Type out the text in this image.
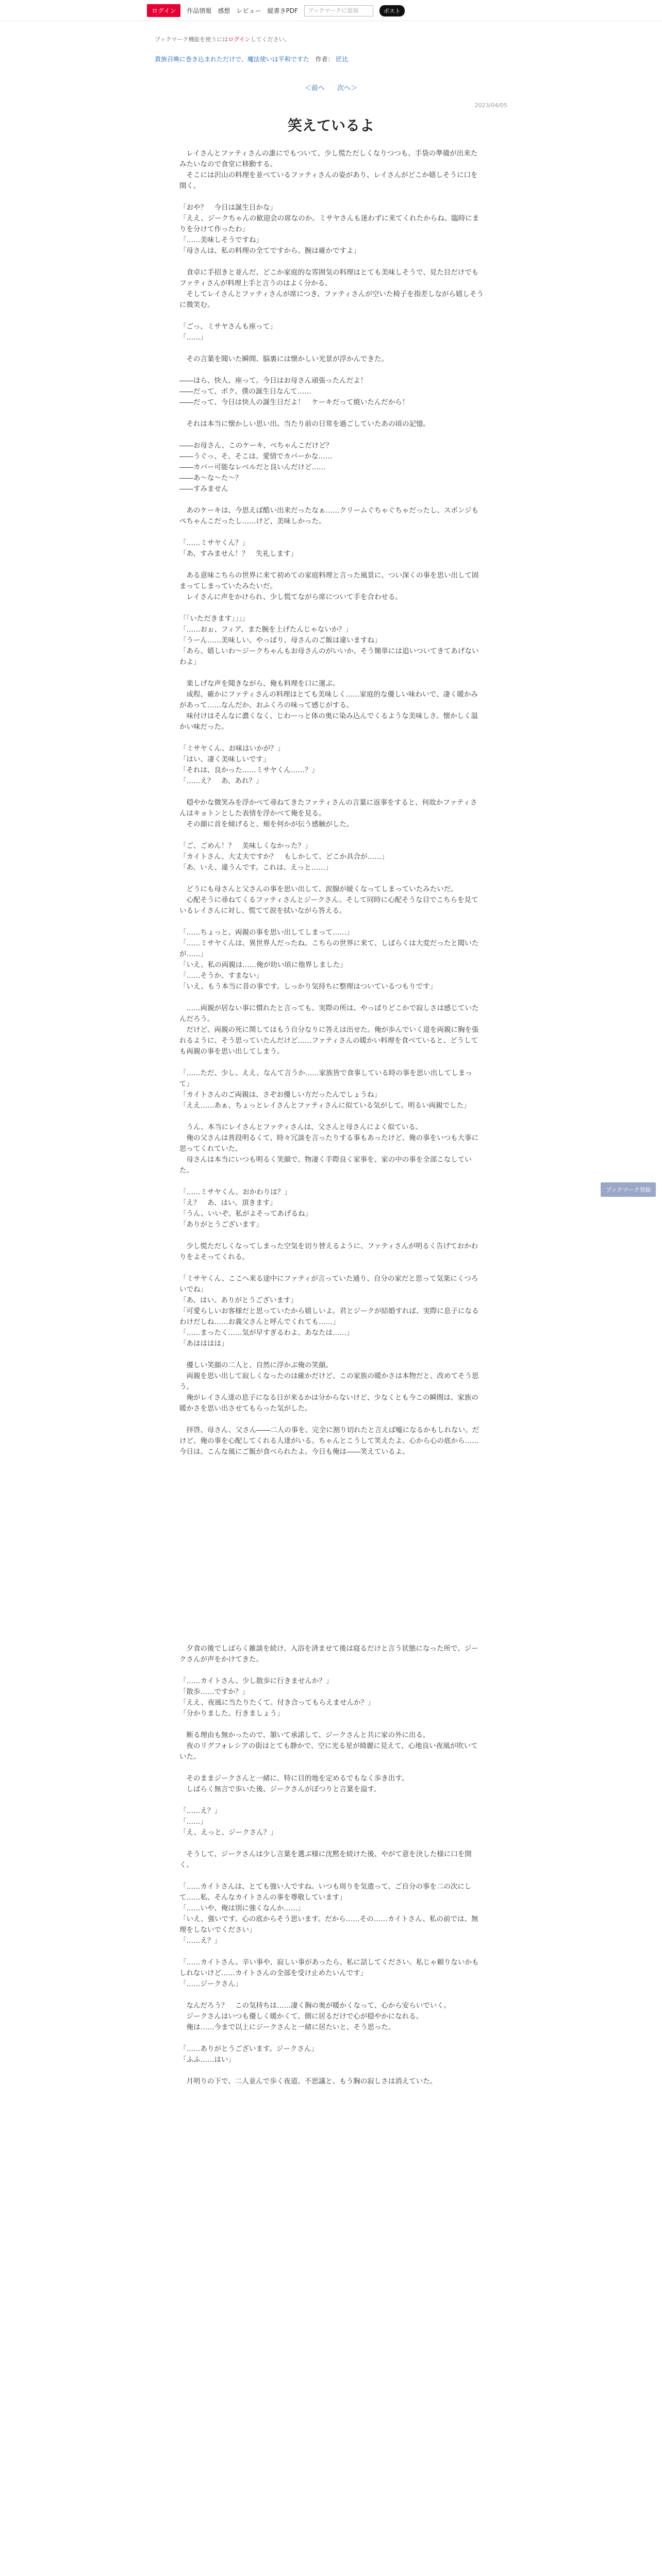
ログイン	作品情報 感想 レビュー 縦書きPDF	ブックマークに追加	ポスト
ブックマーク機能を使うにはログインしてください。
貴族召喚に巻き込まれただけで、魔法使いは平和ですた 作者： 匠比
＜前へ 次へ＞
2023/04/05
笑えているよ

　レイさんとファティさんの誰にでもついて、少し慌ただしくなりつつも、手袋の準備が出来たみたいなので食堂に移動する。
　そこには沢山の料理を並べているファティさんの姿があり、レイさんがどこか嬉しそうに口を開く。

「おや？　今日は誕生日かな」
「ええ、ジークちゃんの歓迎会の席なのか。ミサヤさんも迷わずに来てくれたからね。臨時にまりを分けて作ったわ」
「……美味しそうですね」
「母さんは、私の料理の全てですから。腕は確かですよ」

　食卓に手招きと並んだ、どこか家庭的な雰囲気の料理はとても美味しそうで、見た目だけでもファティさんが料理上手と言うのはよく分かる。
　そしてレイさんとファティさんが席につき、ファティさんが空いた椅子を指差しながら嬉しそうに微笑む。

「ごっ、ミサヤさんも座って」
「……」

　その言葉を聞いた瞬間、脳裏には懐かしい光景が浮かんできた。

――ほら、快人、座って。今日はお母さん頑張ったんだよ！
――だって、ボク、僕の誕生日なんて……
――だって、今日は快人の誕生日だよ！　ケーキだって焼いたんだから！

　それは本当に懐かしい思い出。当たり前の日常を過ごしていたあの頃の記憶。

――お母さん、このケーキ、べちゃんこだけど？
――うぐっ、そ、そこは、愛情でカバーかな……
――カバー可能なレベルだと良いんだけど……
――あ～な～た～？
――すみません

　あのケーキは、今思えば酷い出来だったなぁ……クリームぐちゃぐちゃだったし、スポンジもぺちゃんこだったし……けど、美味しかった。

「……ミサヤくん？」
「あ、すみません！？　失礼します」

　ある意味こちらの世界に来て初めての家庭料理と言った風景に、つい深くの事を思い出して固まってしまっていたみたいだ。
　レイさんに声をかけられ、少し慌てながら席について手を合わせる。

「「いただきます」」」」
「……おぉ、フィア、また腕を上げたんじゃないか？」
「うーん……美味しい。やっぱり、母さんのご飯は違いますね」
「あら、嬉しいわ～ジークちゃんもお母さんのがいいか。そう簡単には追いついてきてあげないわよ」

　楽しげな声を聞きながら、俺も料理を口に運ぶ。
　成程、確かにファティさんの料理はとても美味しく……家庭的な優しい味わいで、凄く暖かみがあって……なんだか、おふくろの味って感じがする。
　味付けはそんなに濃くなく、じわーっと体の奥に染み込んでくるような美味しさ。懐かしく温かい味だった。

「ミサヤくん、お味はいかが？」
「はい、凄く美味しいです」
「それは、良かった……ミサヤくん……？」
「……え？　あ、あれ？」

　穏やかな微笑みを浮かべて尋ねてきたファティさんの言葉に返事をすると、何故かファティさんはキョトンとした表情を浮かべて俺を見る。
　その顔に首を傾げると、頬を何かが伝う感触がした。

「ご、ごめん！？　美味しくなかった？」
「カイトさん、大丈夫ですか？　もしかして、どこか具合が……」
「あ、いえ、違うんです。これは、えっと……」

　どうにも母さんと父さんの事を思い出して、涙腺が緩くなってしまっていたみたいだ。
　心配そうに尋ねてくるファティさんとジークさん。そして同時に心配そうな目でこちらを見ているレイさんに対し、慌てて涙を拭いながら答える。

「……ちょっと、両親の事を思い出してしまって……」
「……ミサヤくんは、異世界人だったね。こちらの世界に来て、しばらくは大変だったと聞いたが……」
「いえ、私の両親は……俺が幼い頃に他界しました」
「……そうか、すまない」
「いえ、もう本当に昔の事です。しっかり気持ちに整理はついているつもりです」

　……両親が居ない事に慣れたと言っても、実際の所は、やっぱりどこかで寂しさは感じていたんだろう。
　だけど、両親の死に関してはもう自分なりに答えは出せた。俺が歩んでいく道を両親に胸を張れるように、そう思っていたんだけど……ファティさんの暖かい料理を食べていると、どうしても両親の事を思い出してしまう。

「……ただ、少し、ええ、なんて言うか……家族皆で食事している時の事を思い出してしまって」
「カイトさんのご両親は、さぞお優しい方だったんでしょうね」
「ええ……あぁ、ちょっとレイさんとファティさんに似ている気がして。明るい両親でした」

　うん、本当にレイさんとファティさんは、父さんと母さんによく似ている。
　俺の父さんは普段明るくて、時々冗談を言ったりする事もあったけど、俺の事をいつも大事に思ってくれていた。
　母さんは本当にいつも明るく笑顔で、物凄く手際良く家事を、家の中の事を全部こなしていた。

「……ミサヤくん、おかわりは？」
「え？　あ、はい。頂きます」
「うん、いいぞ。私がよそってあげるね」
「ありがとうございます」

　少し慌ただしくなってしまった空気を切り替えるように、ファティさんが明るく告げておかわりをよそってくれる。

「ミサヤくん、ここへ来る途中にファティが言っていた通り、自分の家だと思って気楽にくつろいでね」
「あ、はい。ありがとうございます」
「可愛らしいお客様だと思っていたから嬉しいよ。君とジークが結婚すれば、実際に息子になるわけだしね……お義父さんと呼んでくれても……」
「……まったく……気が早すぎるわよ、あなたは……」
「あはははは」

　優しい笑顔の二人と、自然に浮かぶ俺の笑顔。
　両親を思い出して寂しくなったのは確かだけど、この家族の暖かさは本物だと、改めてそう思う。
　俺がレイさん達の息子になる日が来るかは分からないけど、少なくとも今この瞬間は、家族の暖かさを思い出させてもらった気がした。

　拝啓、母さん、父さん――二人の事を、完全に割り切れたと言えば嘘になるかもしれない。だけど、俺の事を心配してくれる人達がいる。ちゃんとこうして笑えたよ。心から心の底から……今日は、こんな風にご飯が食べられたよ。今日も俺は――笑えているよ。

　夕食の後でしばらく雑談を続け、入浴を済ませて後は寝るだけと言う状態になった所で、ジークさんが声をかけてきた。

「……カイトさん、少し散歩に行きませんか？」
「散歩……ですか？」
「ええ、夜風に当たりたくて。付き合ってもらえませんか？」
「分かりました。行きましょう」

　断る理由も無かったので、頷いて承諾して、ジークさんと共に家の外に出る。
　夜のリグフォレシアの街はとても静かで、空に光る星が綺麗に見えて、心地良い夜風が吹いていた。

　そのままジークさんと一緒に、特に目的地を定めるでもなく歩き出す。
　しばらく無言で歩いた後、ジークさんがぽつりと言葉を溢す。

「……え？」
「……」
「え、えっと、ジークさん？」

　そうして、ジークさんは少し言葉を選ぶ様に沈黙を続けた後、やがて意を決した様に口を開く。

「……カイトさんは、とても強い人ですね。いつも周りを気遣って、ご自分の事を二の次にして……私、そんなカイトさんの事を尊敬しています」
「……いや、俺は別に強くなんか……」
「いえ、強いです。心の底からそう思います。だから……その……カイトさん、私の前では、無理をしないでください」
「……え？」

「……カイトさん。辛い事や、寂しい事があったら、私に話してください。私じゃ頼りないかもしれないけど……カイトさんの全部を受け止めたいんです」
「……ジークさん」

　なんだろう？　この気持ちは……凄く胸の奥が暖かくなって、心から安らいでいく。
　ジークさんはいつも優しく暖かくて、側に居るだけで心が穏やかになれる。
　俺は……今まで以上にジークさんと一緒に居たいと、そう思った。

「……ありがとうございます。ジークさん」
「ふふ……はい」

　月明りの下で、二人並んで歩く夜道。不思議と、もう胸の寂しさは消えていた。

ブックマーク登録
